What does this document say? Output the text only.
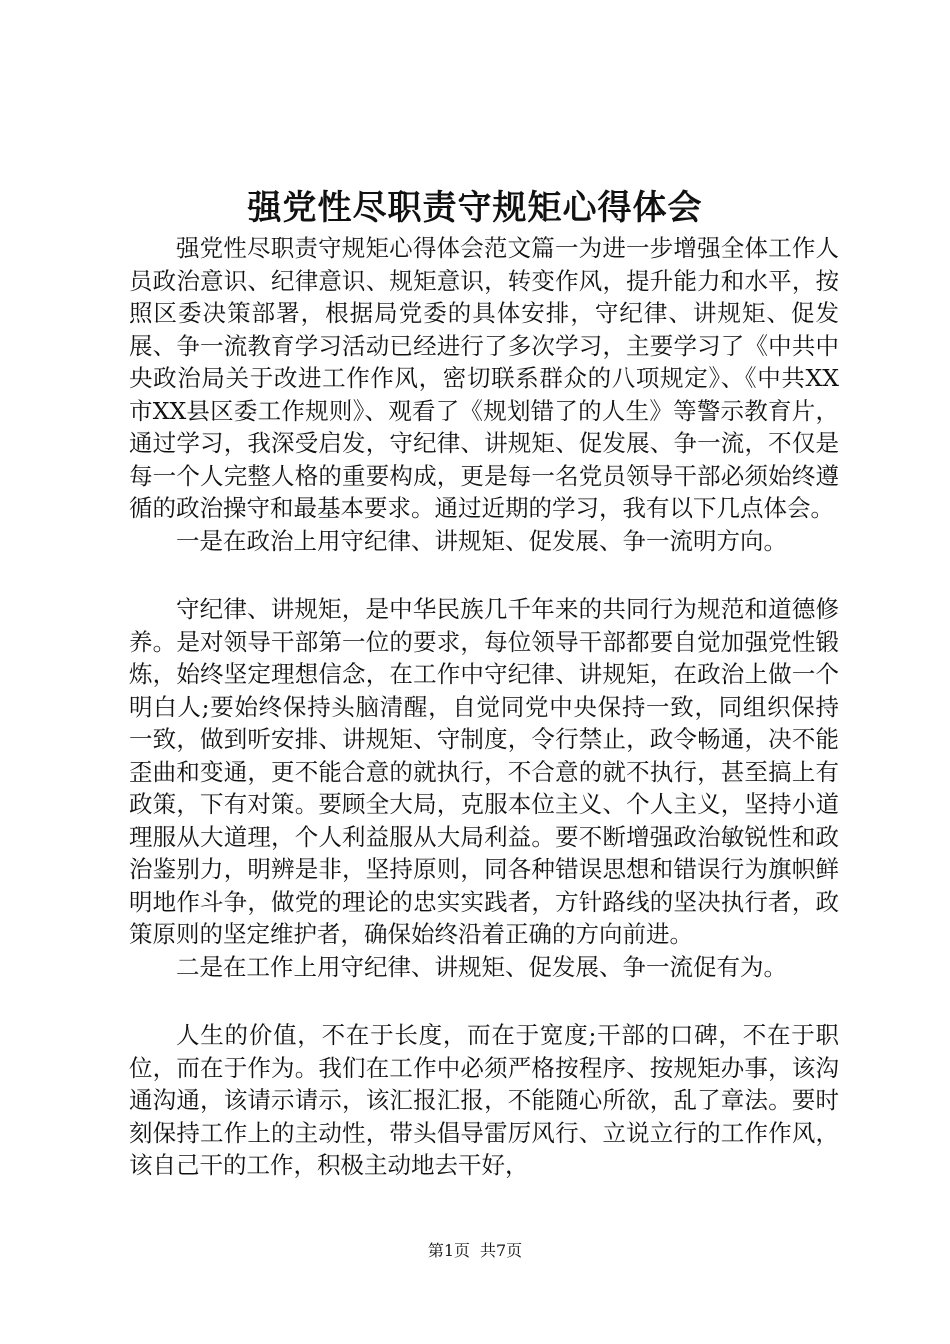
强党性尽职责守规矩心得体会

强党性尽职责守规矩心得体会范文篇一为进一步增强全体工作人员政治意识、纪律意识、规矩意识，转变作风，提升能力和水平，按照区委决策部署，根据局党委的具体安排，守纪律、讲规矩、促发展、争一流教育学习活动已经进行了多次学习，主要学习了《中共中央政治局关于改进工作作风，密切联系群众的八项规定》、《中共XX市XX县区委工作规则》、观看了《规划错了的人生》等警示教育片，通过学习，我深受启发，守纪律、讲规矩、促发展、争一流，不仅是每一个人完整人格的重要构成，更是每一名党员领导干部必须始终遵循的政治操守和最基本要求。通过近期的学习，我有以下几点体会。

一是在政治上用守纪律、讲规矩、促发展、争一流明方向。

守纪律、讲规矩，是中华民族几千年来的共同行为规范和道德修养。是对领导干部第一位的要求，每位领导干部都要自觉加强党性锻炼，始终坚定理想信念，在工作中守纪律、讲规矩，在政治上做一个明白人;要始终保持头脑清醒，自觉同党中央保持一致，同组织保持一致，做到听安排、讲规矩、守制度，令行禁止，政令畅通，决不能歪曲和变通，更不能合意的就执行，不合意的就不执行，甚至搞上有政策，下有对策。要顾全大局，克服本位主义、个人主义，坚持小道理服从大道理，个人利益服从大局利益。要不断增强政治敏锐性和政治鉴别力，明辨是非，坚持原则，同各种错误思想和错误行为旗帜鲜明地作斗争，做党的理论的忠实实践者，方针路线的坚决执行者，政策原则的坚定维护者，确保始终沿着正确的方向前进。

二是在工作上用守纪律、讲规矩、促发展、争一流促有为。

人生的价值，不在于长度，而在于宽度;干部的口碑，不在于职位，而在于作为。我们在工作中必须严格按程序、按规矩办事，该沟通沟通，该请示请示，该汇报汇报，不能随心所欲，乱了章法。要时刻保持工作上的主动性，带头倡导雷厉风行、立说立行的工作作风，该自己干的工作，积极主动地去干好，

第1页 共7页
